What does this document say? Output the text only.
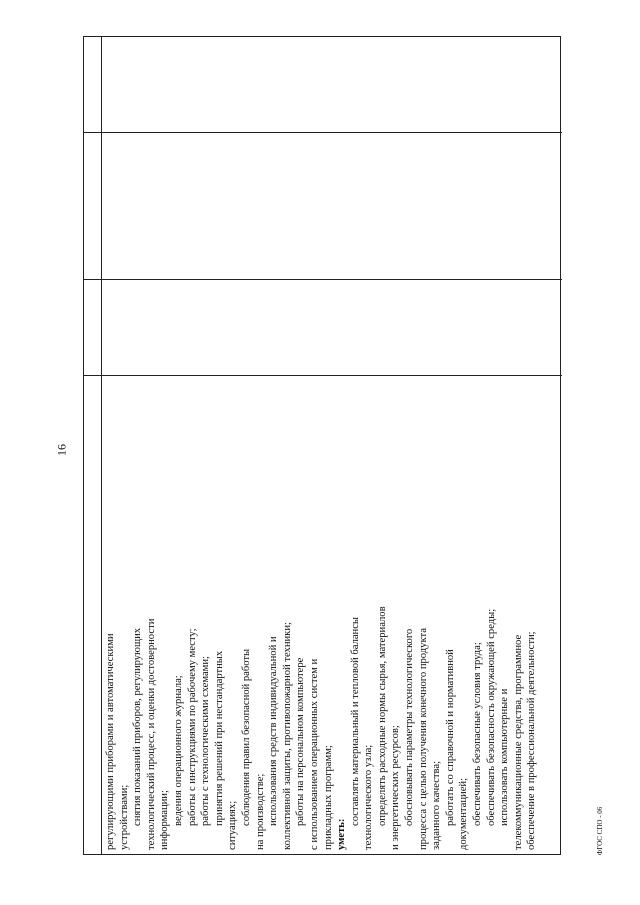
16
регулирующими приборами и автоматическими устройствами; снятия показаний приборов, регулирующих технологический процесс, и оценки достоверности информации; ведения операционного журнала; работы с инструкциями по рабочему месту; работы с технологическими схемами; принятия решений при нестандартных ситуациях; соблюдения правил безопасной работы на производстве; использования средств индивидуальной и коллективной защиты, противопожарной техники; работы на персональном компьютере с использованием операционных систем и прикладных программ; уметь:
составлять материальный и тепловой балансы технологического узла; определять расходные нормы сырья, материалов и энергетических ресурсов; обосновывать параметры технологического процесса с целью получения конечного продукта заданного качества; работать со справочной и нормативной документацией; обеспечивать безопасные условия труда; обеспечивать безопасность окружающей среды; использовать компьютерные и телекоммуникационные средства, программное обеспечение в профессиональной деятельности;	ФГОС СПО - 06
